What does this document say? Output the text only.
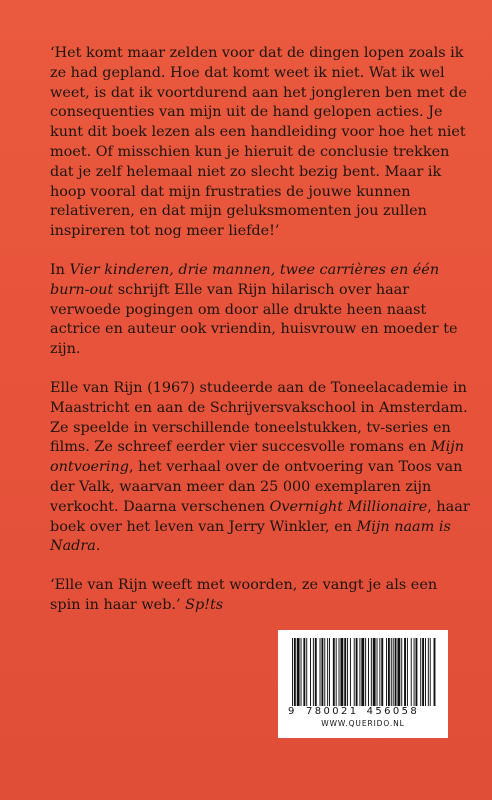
‘Het komt maar zelden voor dat de dingen lopen zoals ik ze had gepland. Hoe dat komt weet ik niet. Wat ik wel weet, is dat ik voortdurend aan het jongleren ben met de consequenties van mijn uit de hand gelopen acties. Je kunt dit boek lezen als een handleiding voor hoe het niet moet. Of misschien kun je hieruit de conclusie trekken dat je zelf helemaal niet zo slecht bezig bent. Maar ik hoop vooral dat mijn frustraties de jouwe kunnen relativeren, en dat mijn geluksmomenten jou zullen inspireren tot nog meer liefde!’

In Vier kinderen, drie mannen, twee carrières en één burn-out schrijft Elle van Rijn hilarisch over haar verwoede pogingen om door alle drukte heen naast actrice en auteur ook vriendin, huisvrouw en moeder te zijn.

Elle van Rijn (1967) studeerde aan de Toneelacademie in Maastricht en aan de Schrijversvakschool in Amsterdam. Ze speelde in verschillende toneelstukken, tv-series en films. Ze schreef eerder vier succesvolle romans en Mijn ontvoering, het verhaal over de ontvoering van Toos van der Valk, waarvan meer dan 25 000 exemplaren zijn verkocht. Daarna verschenen Overnight Millionaire, haar boek over het leven van Jerry Winkler, en Mijn naam is Nadra.

‘Elle van Rijn weeft met woorden, ze vangt je als een spin in haar web.’ Sp!ts

9	780021 456058
WWW.QUERIDO.NL
